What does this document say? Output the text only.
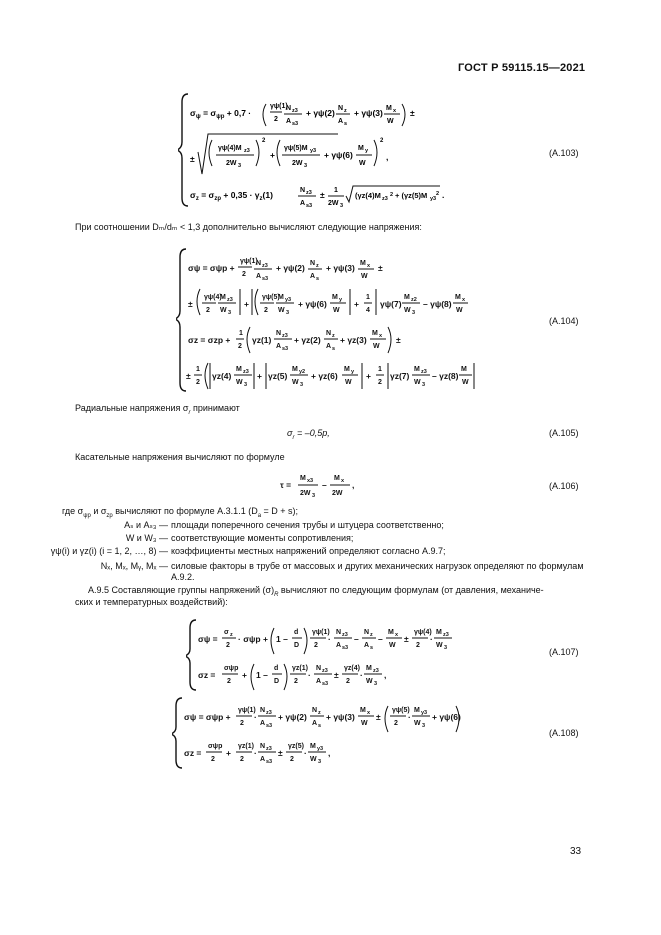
ГОСТ Р 59115.15—2021
$\sigma_\psi = \sigma_{\psi p} + 0,7$ ·
γψ(1)
2
N z3
A s3
+ γψ(2) N z
A s
+ γψ(3) M x
W
±
±
γψ(4)M z3
2W 3
2
+
γψ(5)M y3
2W 3
+ γψ(6)
M y
W
2
,
$\sigma_z = \sigma_{zp} + 0,35 \cdot \gamma_z(1)$	N z3
A s3
± 1
2W 3
(γz(4)M z3
2 + (γz(5)M y3
2 .
(А.103)
При соотношении Dₘ/dₘ < 1,3 дополнительно вычисляют следующие напряжения:
σψ = σψp +
γψ(1)
2
N z3
A s3
+ γψ(2) N z
A s
+ γψ(3) M x
W
±
±
γψ(4)
2
M z3
W 3
+
γψ(5)
2
M y3
W 3
+ γψ(6)
M y
W
+
1
4
γψ(7)
M z2
W 3
– γψ(8)
M x
W
σz = σzp +
1
2
γz(1)
N z3
A s3
+ γz(2)
N z
A s
+ γz(3)
M x
W
±
±
1
2
γz(4)
M z3
W 3
+ γz(5)
M y2
W 3
+ γz(6)
M y
W
+
1
2
γz(7)
M z3
W 3
– γz(8)
M
W
(А.104)
Радиальные напряжения $\sigma_r$ принимают
$\sigma_r = -0,5p$,	(А.105)
Касательные напряжения вычисляют по формуле
τ =
M x3
2W 3
–
M x
2W
,	(А.106)
где $\sigma_{\psi p}$ и $\sigma_{zp}$ вычисляют по формуле А.3.1.1 $(D_a = D + s)$;
Aₛ и Aₛ₃ — площади поперечного сечения трубы и штуцера соответственно;
W и W₃ — соответствующие моменты сопротивления;
γψ(i) и γz(i) (i = 1, 2, …, 8) — коэффициенты местных напряжений определяют согласно А.9.7;
Nₓ, Mₓ, Mᵧ, Mₓ — силовые факторы в трубе от массовых и других механических нагрузок определяют по формулам А.9.2.
А.9.5 Составляющие группы напряжений $(\sigma)_R$ вычисляют по следующим формулам (от давления, механиче-
ских и температурных воздействий):
σψ =
σ z
2
· σψp + 1 –
d
D
γψ(1)
2
·
N z3
A s3
–
N z
A s
–
M x
W
±
γψ(4)
2
·
M z3
W 3
σz =
σψp
2
+ 1 –
d
D
γz(1)
2
·
N z3
A s3
±
γz(4)
2
·
M z3
W 3
,
(А.107)
σψ = σψp +
γψ(1)
2
·
N z3
A s3
+ γψ(2)
N z
A s
+ γψ(3)
M x
W
±
γψ(5)
2
·
M y3
W 3
+ γψ(6)
σz =
σψp
2
+
γz(1)
2
·
N z3
A s3
±
γz(5)
2
·
M y3
W 3
,
(А.108)
33
